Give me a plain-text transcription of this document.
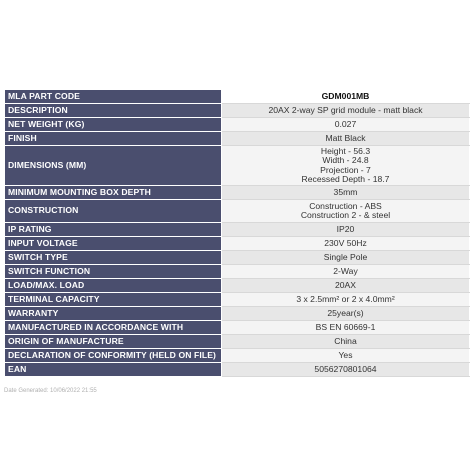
MLA PART CODE	GDM001MB

DESCRIPTION	20AX 2-way SP grid module - matt black

NET WEIGHT (KG)	0.027

FINISH	Matt Black

DIMENSIONS (MM)	Height - 56.3
Width - 24.8
Projection - 7
Recessed Depth - 18.7

MINIMUM MOUNTING BOX DEPTH	35mm

CONSTRUCTION	Construction - ABS
Construction 2 - & steel

IP RATING	IP20

INPUT VOLTAGE	230V 50Hz

SWITCH TYPE	Single Pole

SWITCH FUNCTION	2-Way

LOAD/MAX. LOAD	20AX

TERMINAL CAPACITY	3 x 2.5mm² or 2 x 4.0mm²

WARRANTY	25year(s)

MANUFACTURED IN ACCORDANCE WITH	BS EN 60669-1

ORIGIN OF MANUFACTURE	China

DECLARATION OF CONFORMITY (HELD ON FILE)	Yes

EAN	5056270801064
Date Generated: 10/06/2022 21:55
